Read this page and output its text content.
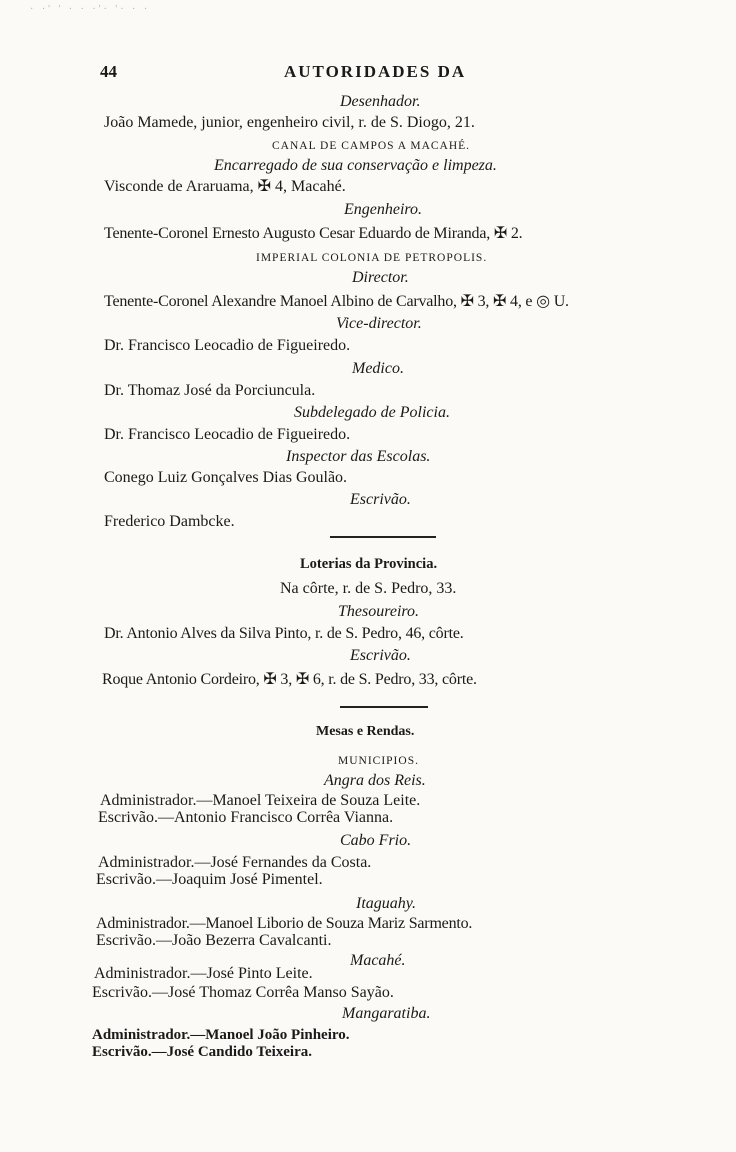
· ·' ' · · ·'· '· · ·
44	AUTORIDADES DA
Desenhador.
João Mamede, junior, engenheiro civil, r. de S. Diogo, 21.
CANAL DE CAMPOS A MACAHÉ.
Encarregado de sua conservação e limpeza.
Visconde de Araruama, ✠ 4, Macahé.
Engenheiro.
Tenente-Coronel Ernesto Augusto Cesar Eduardo de Miranda, ✠ 2.
IMPERIAL COLONIA DE PETROPOLIS.
Director.
Tenente-Coronel Alexandre Manoel Albino de Carvalho, ✠ 3, ✠ 4, e ◎ U.
Vice-director.
Dr. Francisco Leocadio de Figueiredo.
Medico.
Dr. Thomaz José da Porciuncula.
Subdelegado de Policia.
Dr. Francisco Leocadio de Figueiredo.
Inspector das Escolas.
Conego Luiz Gonçalves Dias Goulão.
Escrivão.
Frederico Dambcke.
Loterias da Provincia.
Na côrte, r. de S. Pedro, 33.
Thesoureiro.
Dr. Antonio Alves da Silva Pinto, r. de S. Pedro, 46, côrte.
Escrivão.
Roque Antonio Cordeiro, ✠ 3, ✠ 6, r. de S. Pedro, 33, côrte.
Mesas e Rendas.
MUNICIPIOS.
Angra dos Reis.
Administrador.—Manoel Teixeira de Souza Leite.
Escrivão.—Antonio Francisco Corrêa Vianna.
Cabo Frio.
Administrador.—José Fernandes da Costa.
Escrivão.—Joaquim José Pimentel.
Itaguahy.
Administrador.—Manoel Liborio de Souza Mariz Sarmento.
Escrivão.—João Bezerra Cavalcanti.
Macahé.
Administrador.—José Pinto Leite.
Escrivão.—José Thomaz Corrêa Manso Sayão.
Mangaratiba.
Administrador.—Manoel João Pinheiro.
Escrivão.—José Candido Teixeira.
